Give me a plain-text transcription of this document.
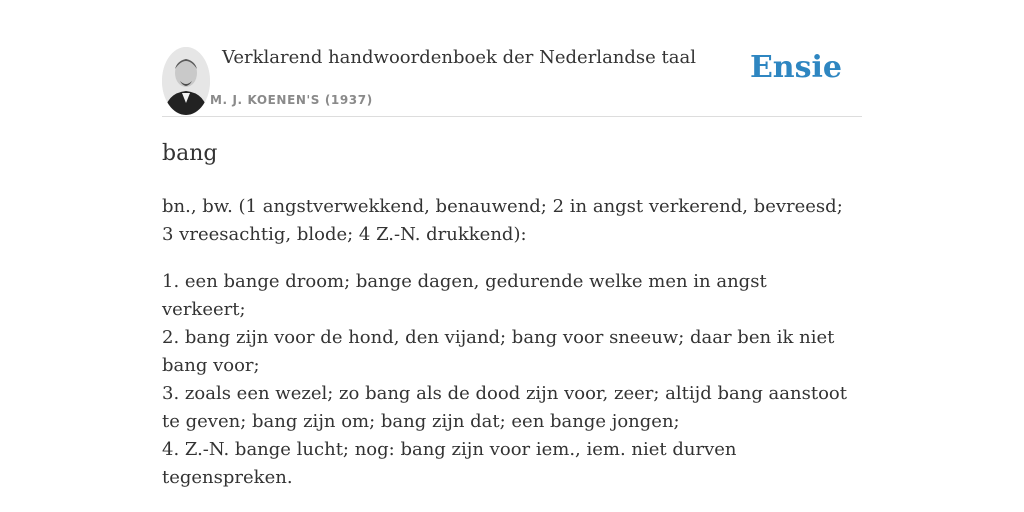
Verklarend handwoordenboek der Nederlandse taal
M. J. KOENEN'S (1937)
Ensie
bang

bn., bw. (1 angstverwekkend, benauwend; 2 in angst verkerend, bevreesd; 3 vreesachtig, blode; 4 Z.-N. drukkend):

1. een bange droom; bange dagen, gedurende welke men in angst verkeert;

2. bang zijn voor de hond, den vijand; bang voor sneeuw; daar ben ik niet bang voor;

3. zoals een wezel; zo bang als de dood zijn voor, zeer; altijd bang aanstoot te geven; bang zijn om; bang zijn dat; een bange jongen;

4. Z.-N. bange lucht; nog: bang zijn voor iem., iem. niet durven tegenspreken.
